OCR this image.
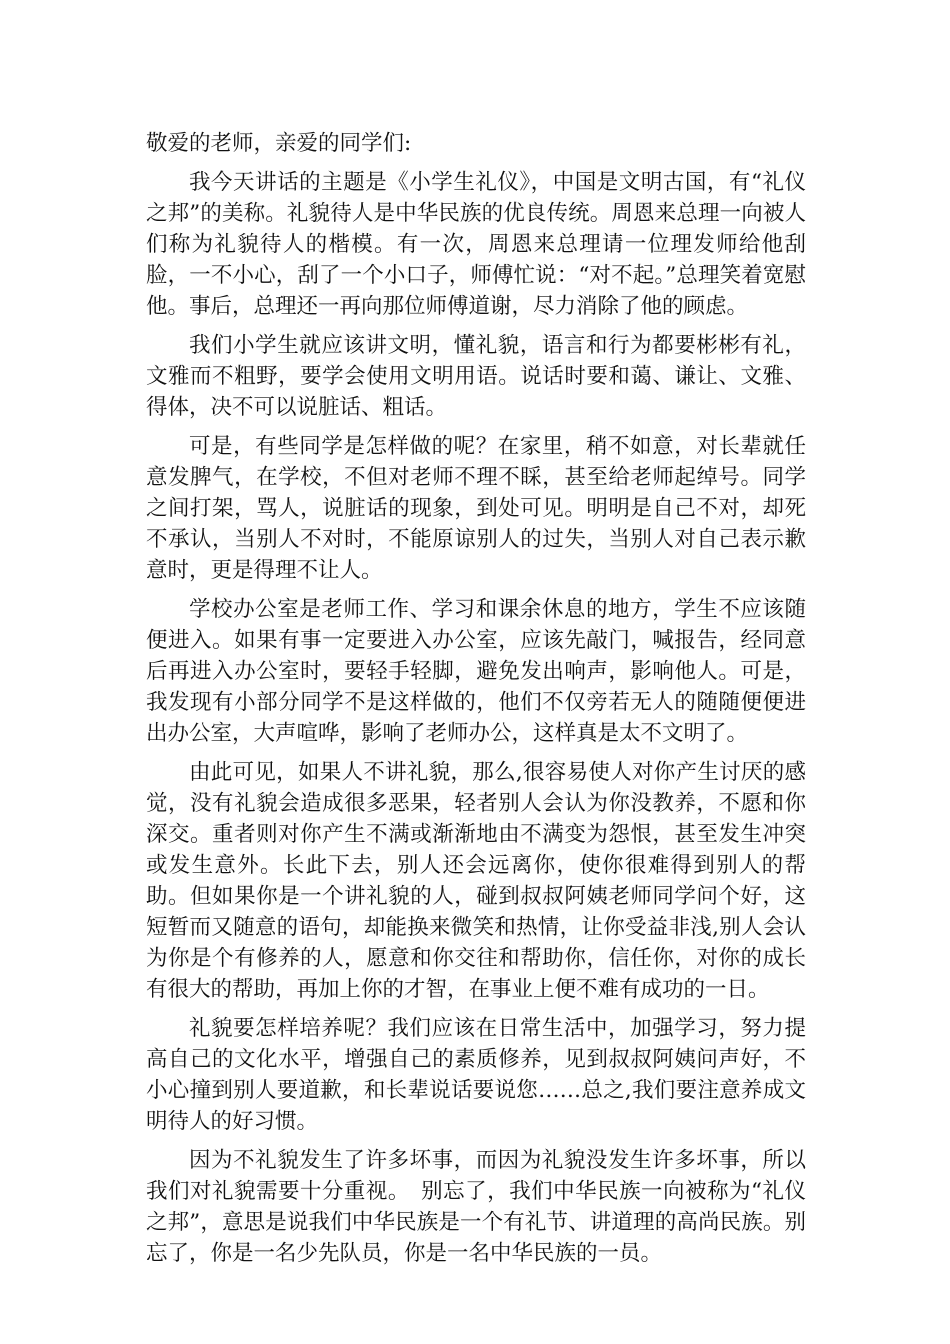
敬爱的老师，亲爱的同学们:

我今天讲话的主题是《小学生礼仪》，中国是文明古国，有“礼仪之邦”的美称。礼貌待人是中华民族的优良传统。周恩来总理一向被人们称为礼貌待人的楷模。有一次，周恩来总理请一位理发师给他刮脸，一不小心，刮了一个小口子，师傅忙说：“对不起。”总理笑着宽慰他。事后，总理还一再向那位师傅道谢，尽力消除了他的顾虑。

我们小学生就应该讲文明，懂礼貌，语言和行为都要彬彬有礼，文雅而不粗野，要学会使用文明用语。说话时要和蔼、谦让、文雅、得体，决不可以说脏话、粗话。

可是，有些同学是怎样做的呢？在家里，稍不如意，对长辈就任意发脾气，在学校，不但对老师不理不睬，甚至给老师起绰号。同学之间打架，骂人，说脏话的现象，到处可见。明明是自己不对，却死不承认，当别人不对时，不能原谅别人的过失，当别人对自己表示歉意时，更是得理不让人。

学校办公室是老师工作、学习和课余休息的地方，学生不应该随便进入。如果有事一定要进入办公室，应该先敲门，喊报告，经同意后再进入办公室时，要轻手轻脚，避免发出响声，影响他人。可是，我发现有小部分同学不是这样做的，他们不仅旁若无人的随随便便进出办公室，大声喧哗，影响了老师办公，这样真是太不文明了。

由此可见，如果人不讲礼貌，那么,很容易使人对你产生讨厌的感觉，没有礼貌会造成很多恶果，轻者别人会认为你没教养，不愿和你深交。重者则对你产生不满或渐渐地由不满变为怨恨，甚至发生冲突或发生意外。长此下去，别人还会远离你，使你很难得到别人的帮助。但如果你是一个讲礼貌的人，碰到叔叔阿姨老师同学问个好，这短暂而又随意的语句，却能换来微笑和热情，让你受益非浅,别人会认为你是个有修养的人，愿意和你交往和帮助你，信任你，对你的成长有很大的帮助，再加上你的才智，在事业上便不难有成功的一日。

礼貌要怎样培养呢？我们应该在日常生活中，加强学习，努力提高自己的文化水平，增强自己的素质修养，见到叔叔阿姨问声好，不小心撞到别人要道歉，和长辈说话要说您……总之,我们要注意养成文明待人的好习惯。

因为不礼貌发生了许多坏事，而因为礼貌没发生许多坏事，所以我们对礼貌需要十分重视。　别忘了，我们中华民族一向被称为“礼仪之邦”，意思是说我们中华民族是一个有礼节、讲道理的高尚民族。别忘了，你是一名少先队员，你是一名中华民族的一员。
